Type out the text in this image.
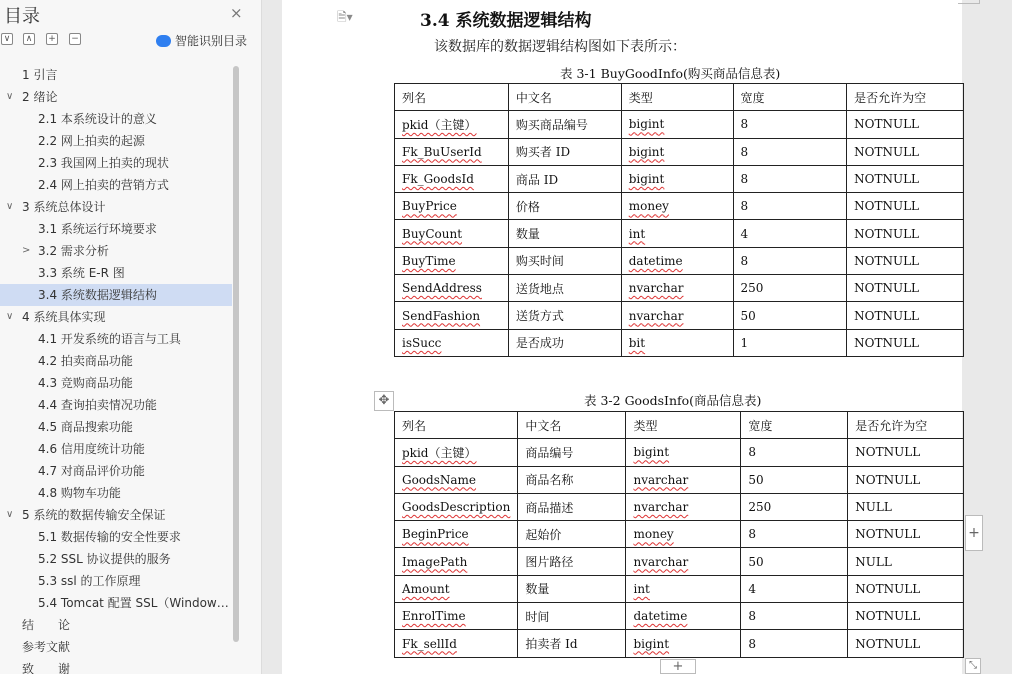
目录	×
∨	∧	+ −	智能识别目录
1 引言
∨ 2 绪论
2.1 本系统设计的意义
2.2 网上拍卖的起源
2.3 我国网上拍卖的现状
2.4 网上拍卖的营销方式
∨ 3 系统总体设计
3.1 系统运行环境要求
> 3.2 需求分析
3.3 系统 E-R 图
3.4 系统数据逻辑结构
∨ 4 系统具体实现
4.1 开发系统的语言与工具
4.2 拍卖商品功能
4.3 竞购商品功能
4.4 查询拍卖情况功能
4.5 商品搜索功能
4.6 信用度统计功能
4.7 对商品评价功能
4.8 购物车功能
∨ 5 系统的数据传输安全保证
5.1 数据传输的安全性要求
5.2 SSL 协议提供的服务
5.3 ssl 的工作原理
5.4 Tomcat 配置 SSL（Window…
结　　论
参考文献
致　　谢
🗎▾	3.4 系统数据逻辑结构
该数据库的数据逻辑结构图如下表所示：
表 3-1 BuyGoodInfo(购买商品信息表)
列名	中文名	类型	宽度	是否允许为空
pkid（主键）	购买商品编号	bigint	8	NOTNULL
Fk_BuUserId	购买者 ID	bigint	8	NOTNULL
Fk_GoodsId	商品 ID	bigint	8	NOTNULL
BuyPrice	价格	money	8	NOTNULL
BuyCount	数量	int	4	NOTNULL
BuyTime	购买时间	datetime	8	NOTNULL
SendAddress	送货地点	nvarchar	250	NOTNULL
SendFashion	送货方式	nvarchar	50	NOTNULL
isSucc	是否成功	bit	1	NOTNULL
✥	表 3-2 GoodsInfo(商品信息表)
列名	中文名	类型	宽度	是否允许为空
pkid（主键）	商品编号	bigint	8	NOTNULL
GoodsName	商品名称	nvarchar	50	NOTNULL
GoodsDescription	商品描述	nvarchar	250	NULL
BeginPrice	起始价	money	8	NOTNULL
ImagePath	图片路径	nvarchar	50	NULL
Amount	数量	int	4	NOTNULL
EnrolTime	时间	datetime	8	NOTNULL
Fk_sellId	拍卖者 Id	bigint	8	NOTNULL
+
+	⤡
